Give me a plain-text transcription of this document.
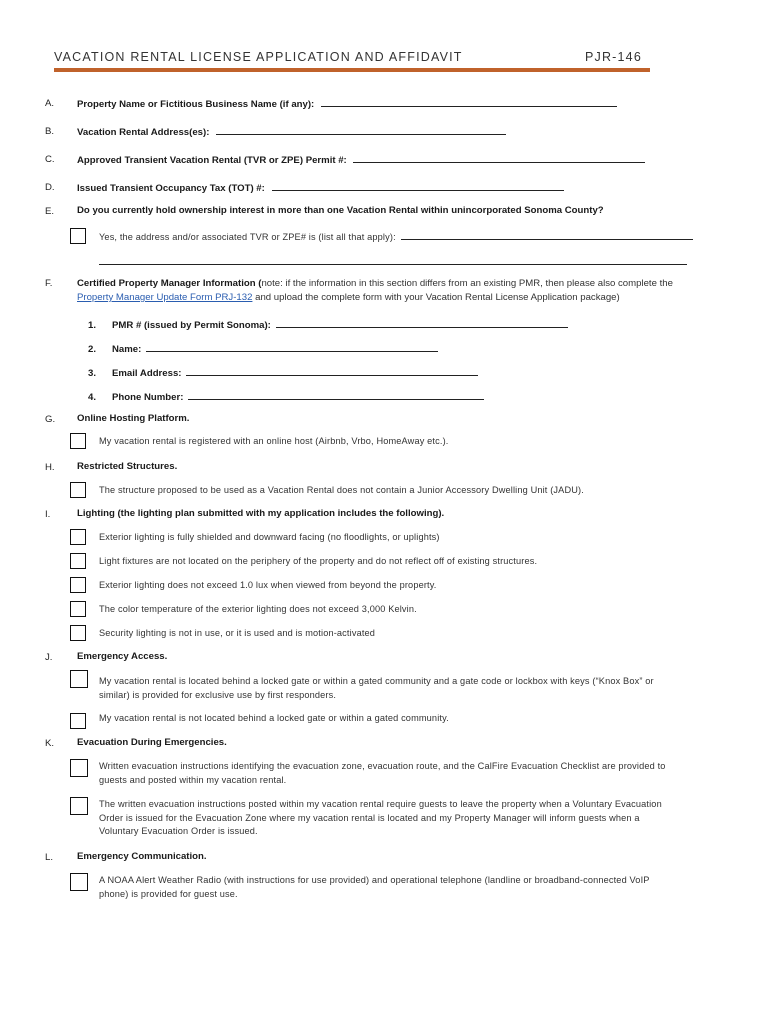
VACATION RENTAL LICENSE APPLICATION AND AFFIDAVIT	PJR-146
A. Property Name or Fictitious Business Name (if any):
B. Vacation Rental Address(es):
C. Approved Transient Vacation Rental (TVR or ZPE) Permit #:
D. Issued Transient Occupancy Tax (TOT) #:
E. Do you currently hold ownership interest in more than one Vacation Rental within unincorporated Sonoma County?
Yes, the address and/or associated TVR or ZPE# is (list all that apply):
F.	Certified Property Manager Information (note: if the information in this section differs from an existing PMR, then please also complete the
Property Manager Update Form PRJ-132 and upload the complete form with your Vacation Rental License Application package)
1. PMR # (issued by Permit Sonoma):
2. Name:
3. Email Address:
4. Phone Number:
G. Online Hosting Platform.
My vacation rental is registered with an online host (Airbnb, Vrbo, HomeAway etc.).
H. Restricted Structures.
The structure proposed to be used as a Vacation Rental does not contain a Junior Accessory Dwelling Unit (JADU).
I.	Lighting (the lighting plan submitted with my application includes the following).
Exterior lighting is fully shielded and downward facing (no floodlights, or uplights)
Light fixtures are not located on the periphery of the property and do not reflect off of existing structures.
Exterior lighting does not exceed 1.0 lux when viewed from beyond the property.
The color temperature of the exterior lighting does not exceed 3,000 Kelvin.
Security lighting is not in use, or it is used and is motion-activated
J.	Emergency Access.
My vacation rental is located behind a locked gate or within a gated community and a gate code or lockbox with keys (“Knox Box” or
similar) is provided for exclusive use by first responders.
My vacation rental is not located behind a locked gate or within a gated community.
K. Evacuation During Emergencies.
Written evacuation instructions identifying the evacuation zone, evacuation route, and the CalFire Evacuation Checklist are provided to
guests and posted within my vacation rental.
The written evacuation instructions posted within my vacation rental require guests to leave the property when a Voluntary Evacuation
Order is issued for the Evacuation Zone where my vacation rental is located and my Property Manager will inform guests when a
Voluntary Evacuation Order is issued.
L. Emergency Communication.
A NOAA Alert Weather Radio (with instructions for use provided) and operational telephone (landline or broadband-connected VoIP
phone) is provided for guest use.
